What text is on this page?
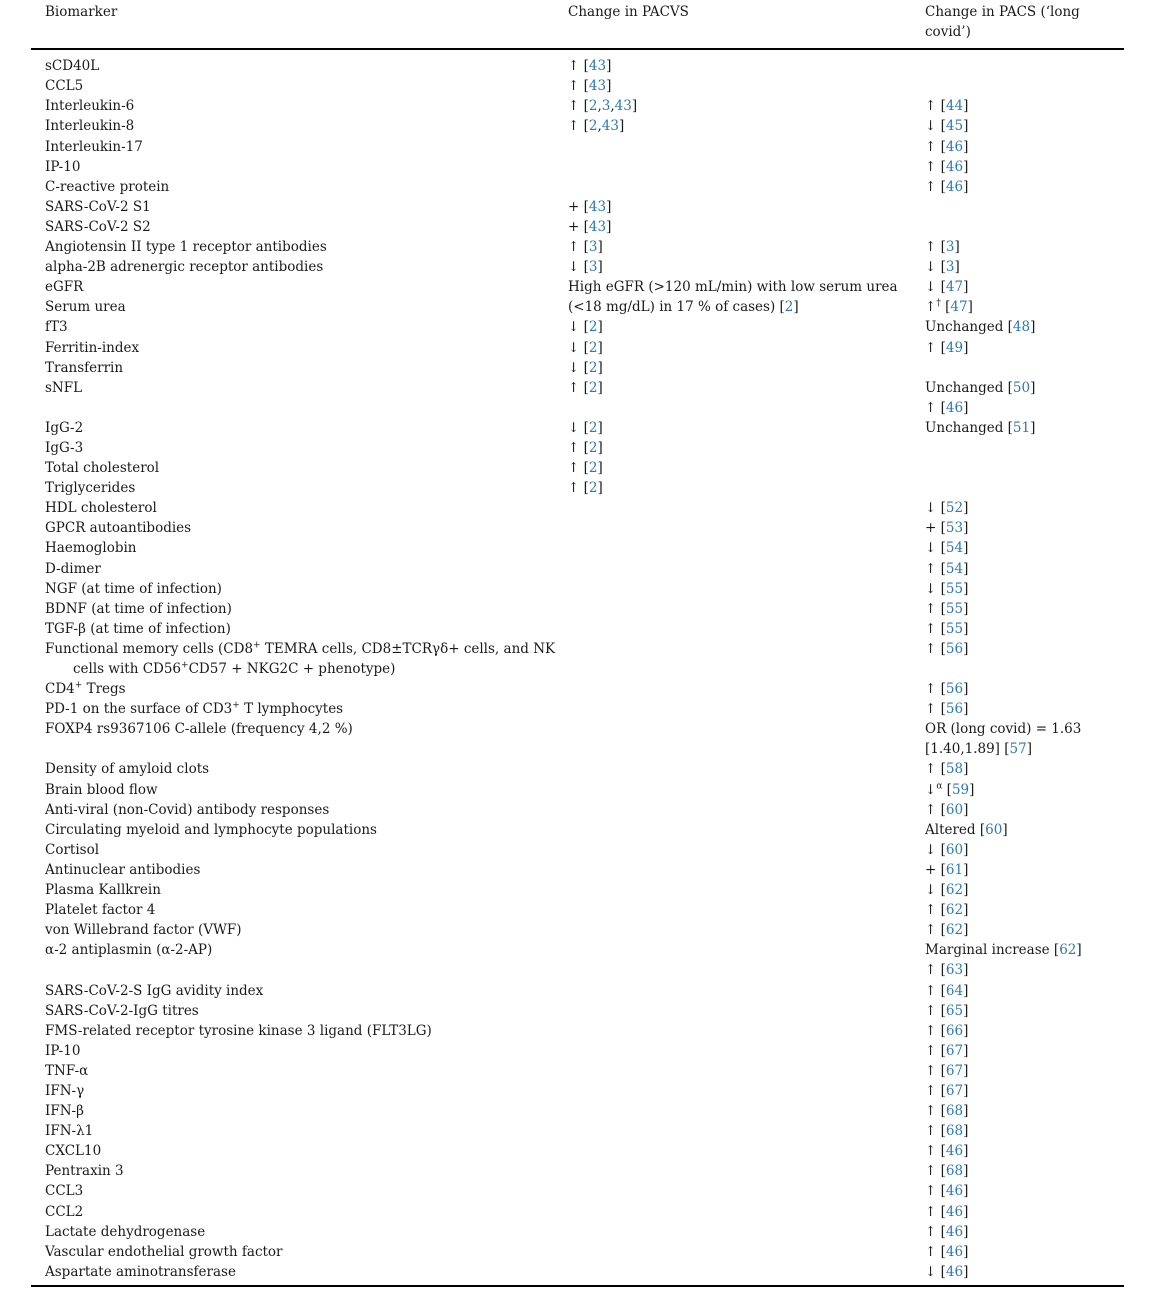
Biomarker	Change in PACVS	Change in PACS (‘long
covid’)

sCD40L	↑ [43]	
CCL5	↑ [43]	
Interleukin-6	↑ [2,3,43]	↑ [44]
Interleukin-8	↑ [2,43]	↓ [45]
Interleukin-17		↑ [46]
IP-10		↑ [46]
C-reactive protein		↑ [46]
SARS-CoV-2 S1	+ [43]	
SARS-CoV-2 S2	+ [43]	
Angiotensin II type 1 receptor antibodies	↑ [3]	↑ [3]
alpha-2B adrenergic receptor antibodies	↓ [3]	↓ [3]
eGFR	High eGFR (>120 mL/min) with low serum urea	↓ [47]
Serum urea	(<18 mg/dL) in 17 % of cases) [2]	↑† [47]
fT3	↓ [2]	Unchanged [48]
Ferritin-index	↓ [2]	↑ [49]
Transferrin	↓ [2]	
sNFL	↑ [2]	Unchanged [50]
		↑ [46]
IgG-2	↓ [2]	Unchanged [51]
IgG-3	↑ [2]	
Total cholesterol	↑ [2]	
Triglycerides	↑ [2]	
HDL cholesterol		↓ [52]
GPCR autoantibodies		+ [53]
Haemoglobin		↓ [54]
D-dimer		↑ [54]
NGF (at time of infection)		↓ [55]
BDNF (at time of infection)		↑ [55]
TGF-β (at time of infection)		↑ [55]

Functional memory cells (CD8+ TEMRA cells, CD8±TCRγδ+ cells, and NK
cells with CD56+CD57 + NKG2C + phenotype)		↑ [56]

CD4+ Tregs		↑ [56]

PD-1 on the surface of CD3+ T lymphocytes		↑ [56]
FOXP4 rs9367106 C-allele (frequency 4,2 %)		OR (long covid) = 1.63
[1.40,1.89] [57]

Density of amyloid clots		↑ [58]
Brain blood flow		↓$^\alpha$ [59]
Anti-viral (non-Covid) antibody responses		↑ [60]
Circulating myeloid and lymphocyte populations		Altered [60]
Cortisol		↓ [60]
Antinuclear antibodies		+ [61]
Plasma Kallkrein		↓ [62]
Platelet factor 4		↑ [62]
von Willebrand factor (VWF)		↑ [62]
α-2 antiplasmin (α-2-AP)		Marginal increase [62]
		↑ [63]
SARS-CoV-2-S IgG avidity index		↑ [64]
SARS-CoV-2-IgG titres		↑ [65]
FMS-related receptor tyrosine kinase 3 ligand (FLT3LG)		↑ [66]
IP-10		↑ [67]
TNF-α		↑ [67]
IFN-γ		↑ [67]
IFN-β		↑ [68]
IFN-λ1		↑ [68]
CXCL10		↑ [46]
Pentraxin 3		↑ [68]
CCL3		↑ [46]
CCL2		↑ [46]
Lactate dehydrogenase		↑ [46]
Vascular endothelial growth factor		↑ [46]
Aspartate aminotransferase		↓ [46]
